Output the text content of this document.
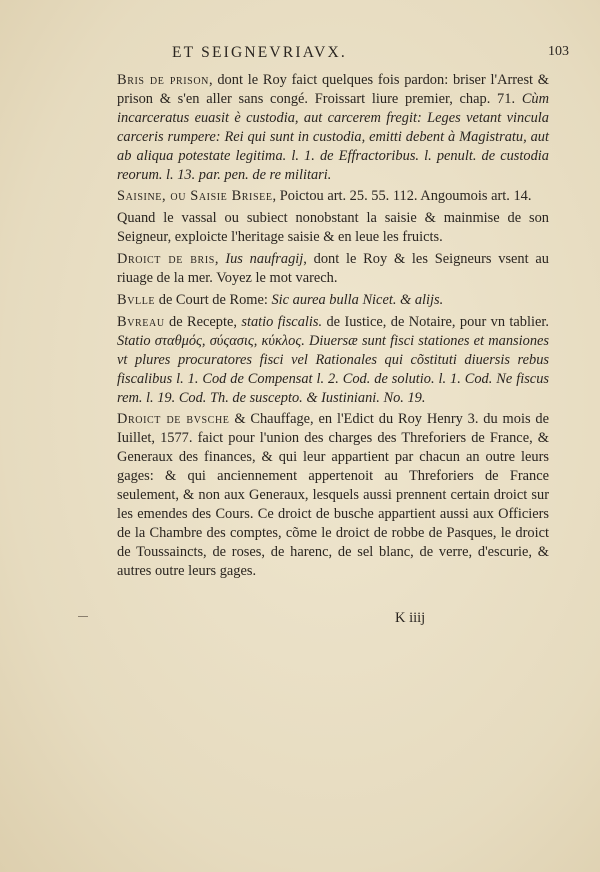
ET SEIGNEVRIAVX.	103

Bris de prison, dont le Roy faict quelques fois pardon: briser l'Arrest & prison & s'en aller sans congé. Froissart liure premier, chap. 71. Cùm incarceratus euasit è custodia, aut carcerem fregit: Leges vetant vincula carceris rumpere: Rei qui sunt in custodia, emitti debent à Magistratu, aut ab aliqua potestate legitima. l. 1. de Effractoribus. l. penult. de custodia reorum. l. 13. par. pen. de re militari.

Saisine, ou Saisie Brisee, Poictou art. 25. 55. 112. Angoumois art. 14.

Quand le vassal ou subiect nonobstant la saisie & mainmise de son Seigneur, exploicte l'heritage saisie & en leue les fruicts.

Droict de bris, Ius naufragij, dont le Roy & les Seigneurs vsent au riuage de la mer. Voyez le mot varech.

Bvlle de Court de Rome: Sic aurea bulla Nicet. & alijs.

Bvreau de Recepte, statio fiscalis. de Iustice, de Notaire, pour vn tablier. Statio σταθμός, σύςασις, κύκλος. Diuersæ sunt fisci stationes et mansiones vt plures procuratores fisci vel Rationales qui cõstituti diuersis rebus fiscalibus l. 1. Cod de Compensat l. 2. Cod. de solutio. l. 1. Cod. Ne fiscus rem. l. 19. Cod. Th. de susceptо. & Iustiniani. No. 19.

Droict de bvsche & Chauffage, en l'Edict du Roy Henry 3. du mois de Iuillet, 1577. faict pour l'union des charges des Threforiers de France, & Generaux des finances, & qui leur appartient par chacun an outre leurs gages: & qui anciennement appertenoit au Threforiers de France seulement, & non aux Generaux, lesquels aussi prennent certain droict sur les emendes des Cours. Ce droict de busche appartient aussi aux Officiers de la Chambre des comptes, cõme le droict de robbe de Pasques, le droict de Toussaincts, de roses, de harenc, de sel blanc, de verre, d'escurie, & autres outre leurs gages.

K iiij
